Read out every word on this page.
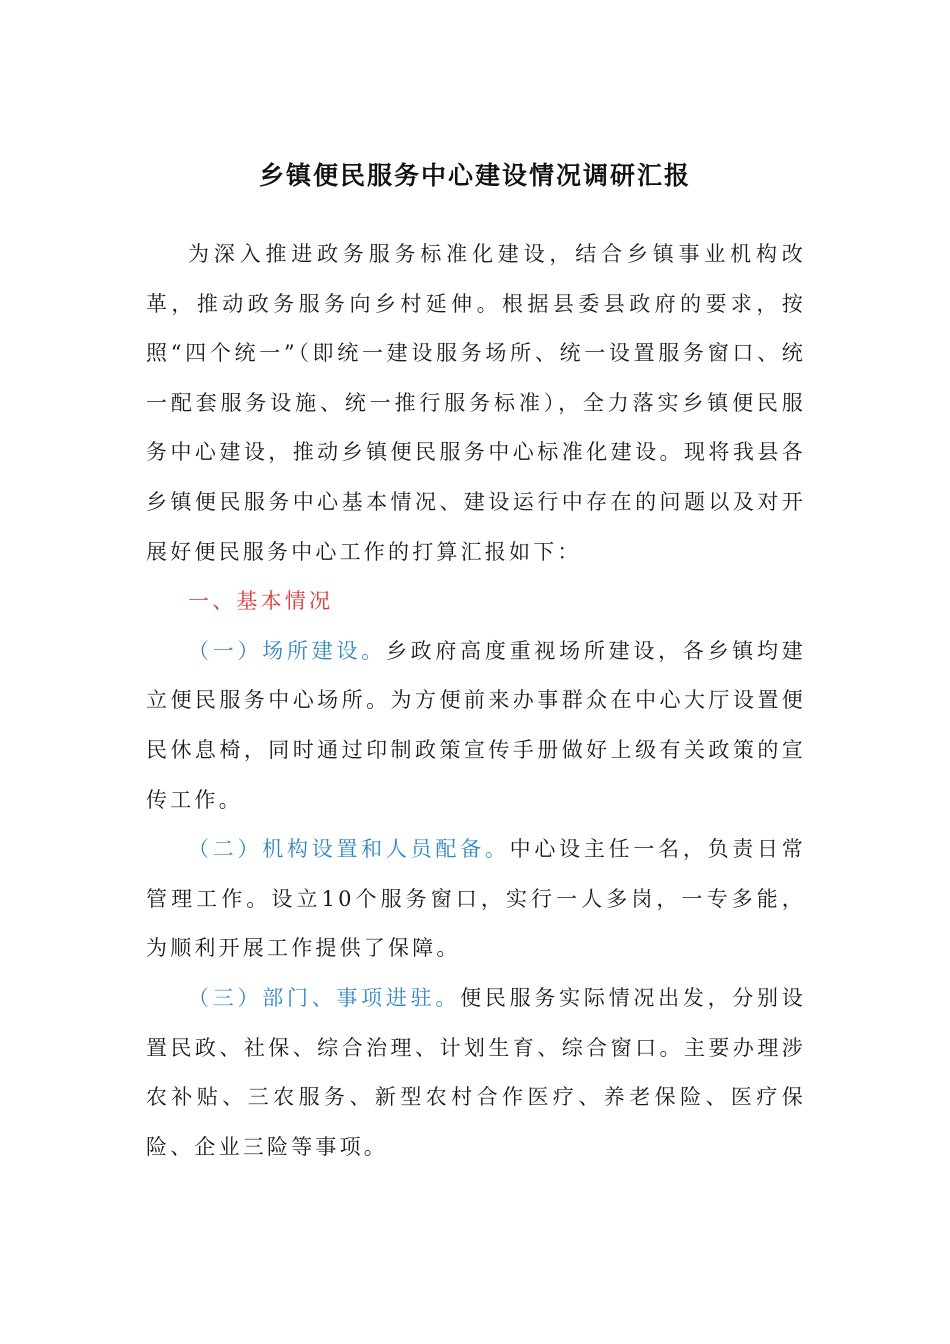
乡镇便民服务中心建设情况调研汇报

为深入推进政务服务标准化建设，结合乡镇事业机构改革，推动政务服务向乡村延伸。根据县委县政府的要求，按照“四个统一”（即统一建设服务场所、统一设置服务窗口、统一配套服务设施、统一推行服务标准），全力落实乡镇便民服务中心建设，推动乡镇便民服务中心标准化建设。现将我县各乡镇便民服务中心基本情况、建设运行中存在的问题以及对开展好便民服务中心工作的打算汇报如下：

一、基本情况

（一）场所建设。乡政府高度重视场所建设，各乡镇均建立便民服务中心场所。为方便前来办事群众在中心大厅设置便民休息椅，同时通过印制政策宣传手册做好上级有关政策的宣传工作。

（二）机构设置和人员配备。中心设主任一名，负责日常管理工作。设立10个服务窗口，实行一人多岗，一专多能，为顺利开展工作提供了保障。

（三）部门、事项进驻。便民服务实际情况出发，分别设置民政、社保、综合治理、计划生育、综合窗口。主要办理涉农补贴、三农服务、新型农村合作医疗、养老保险、医疗保险、企业三险等事项。
